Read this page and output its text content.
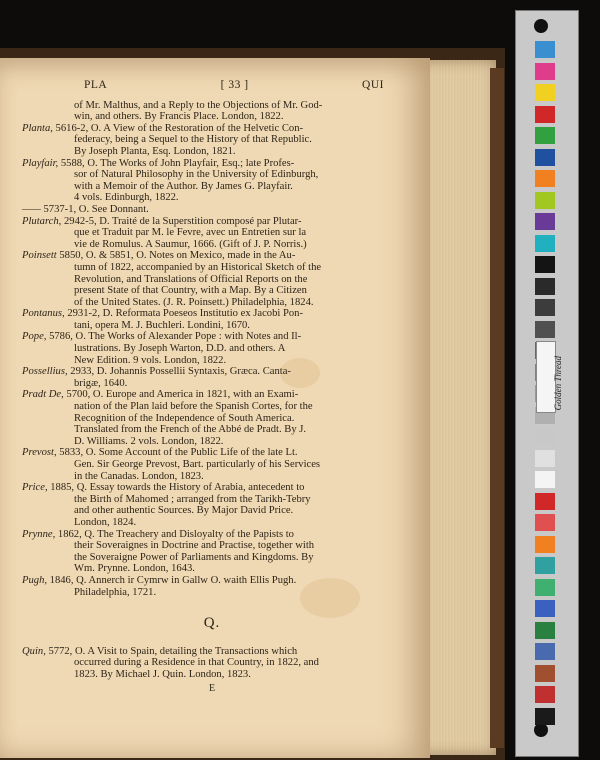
PLA	[ 33 ]	QUI

of Mr. Malthus, and a Reply to the Objections of Mr. God-
win, and others. By Francis Place. London, 1822.

Planta, 5616-2, O. A View of the Restoration of the Helvetic Con-
federacy, being a Sequel to the History of that Republic.
By Joseph Planta, Esq. London, 1821.

Playfair, 5588, O. The Works of John Playfair, Esq.; late Profes-
sor of Natural Philosophy in the University of Edinburgh,
with a Memoir of the Author. By James G. Playfair.
4 vols. Edinburgh, 1822.

—— 5737-1, O. See Donnant.

Plutarch, 2942-5, D. Traité de la Superstition composé par Plutar-
que et Traduit par M. le Fevre, avec un Entretien sur la
vie de Romulus. A Saumur, 1666. (Gift of J. P. Norris.)

Poinsett 5850, O. & 5851, O. Notes on Mexico, made in the Au-
tumn of 1822, accompanied by an Historical Sketch of the
Revolution, and Translations of Official Reports on the
present State of that Country, with a Map. By a Citizen
of the United States. (J. R. Poinsett.) Philadelphia, 1824.

Pontanus, 2931-2, D. Reformata Poeseos Institutio ex Jacobi Pon-
tani, opera M. J. Buchleri. Londini, 1670.

Pope, 5786, O. The Works of Alexander Pope : with Notes and Il-
lustrations. By Joseph Warton, D.D. and others. A
New Edition. 9 vols. London, 1822.

Possellius, 2933, D. Johannis Possellii Syntaxis, Græca. Canta-
brigæ, 1640.

Pradt De, 5700, O. Europe and America in 1821, with an Exami-
nation of the Plan laid before the Spanish Cortes, for the
Recognition of the Independence of South America.
Translated from the French of the Abbé de Pradt. By J.
D. Williams. 2 vols. London, 1822.

Prevost, 5833, O. Some Account of the Public Life of the late Lt.
Gen. Sir George Prevost, Bart. particularly of his Services
in the Canadas. London, 1823.

Price, 1885, Q. Essay towards the History of Arabia, antecedent to
the Birth of Mahomed ; arranged from the Tarikh-Tebry
and other authentic Sources. By Major David Price.
London, 1824.

Prynne, 1862, Q. The Treachery and Disloyalty of the Papists to
their Soveraignes in Doctrine and Practise, together with
the Soveraigne Power of Parliaments and Kingdoms. By
Wm. Prynne. London, 1643.

Pugh, 1846, Q. Annerch ir Cymrw in Gallw O. waith Ellis Pugh.
Philadelphia, 1721.

Q.

Quin, 5772, O. A Visit to Spain, detailing the Transactions which
occurred during a Residence in that Country, in 1822, and
1823. By Michael J. Quin. London, 1823.

E
Golden Thread
